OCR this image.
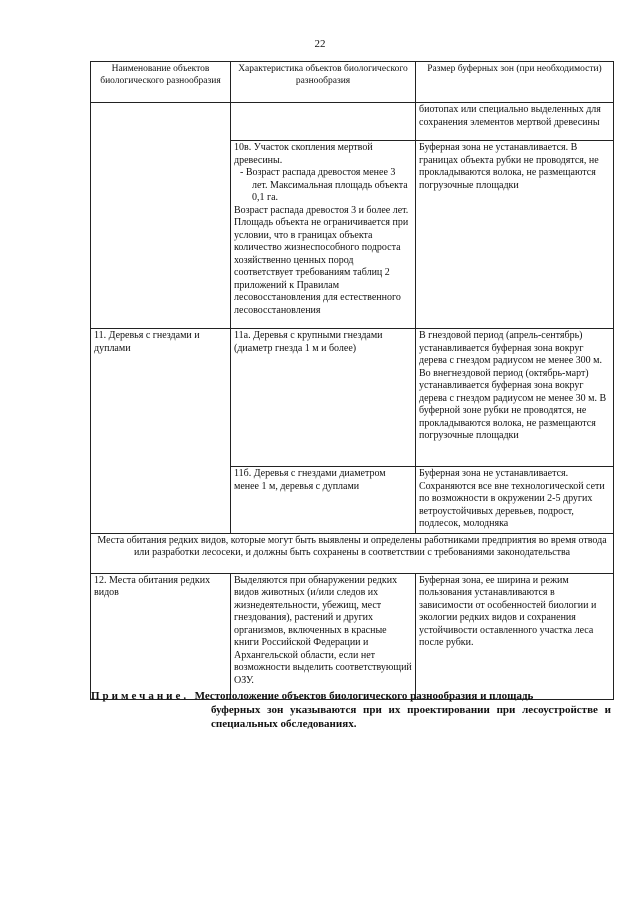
22
Наименование объектов биологического разнообразия	Характеристика объектов биологического разнообразия	Размер буферных зон (при необходимости)
		биотопах или специально выделенных для сохранения элементов мертвой древесины

	10в. Участок скопления мертвой древесины.
- Возраст распада древостоя менее 3 лет. Максимальная площадь объекта 0,1 га.
Возраст распада древостоя 3 и более лет. Площадь объекта не ограничивается при условии, что в границах объекта количество жизнеспособного подроста хозяйственно ценных пород соответствует требованиям таблиц 2 приложений к Правилам лесовосстановления для естественного лесовосстановления	Буферная зона не устанавливается. В границах объекта рубки не проводятся, не прокладываются волока, не размещаются погрузочные площадки
11. Деревья с гнездами и дуплами	11а. Деревья с крупными гнездами (диаметр гнезда 1 м и более)	В гнездовой период (апрель-сентябрь) устанавливается буферная зона вокруг дерева с гнездом радиусом не менее 300 м. Во внегнездовой период (октябрь-март) устанавливается буферная зона вокруг дерева с гнездом радиусом не менее 30 м. В буферной зоне рубки не проводятся, не прокладываются волока, не размещаются погрузочные площадки
	11б. Деревья с гнездами диаметром менее 1 м, деревья с дуплами	Буферная зона не устанавливается. Сохраняются все вне технологической сети по возможности в окружении 2-5 других ветроустойчивых деревьев, подрост, подлесок, молодняка
Места обитания редких видов, которые могут быть выявлены и определены работниками предприятия во время отвода или разработки лесосеки, и должны быть сохранены в соответствии с требованиями законодательства		
12. Места обитания редких видов	Выделяются при обнаружении редких видов животных (и/или следов их жизнедеятельности, убежищ, мест гнездования), растений и других организмов, включенных в красные книги Российской Федерации и Архангельской области, если нет возможности выделить соответствующий ОЗУ.	Буферная зона, ее ширина и режим пользования устанавливаются в зависимости от особенностей биологии и экологии редких видов и сохранения устойчивости оставленного участка леса после рубки.

Примечание. Местоположение объектов биологического разнообразия и площадь

буферных зон указываются при их проектировании при лесоустройстве и специальных обследованиях.
